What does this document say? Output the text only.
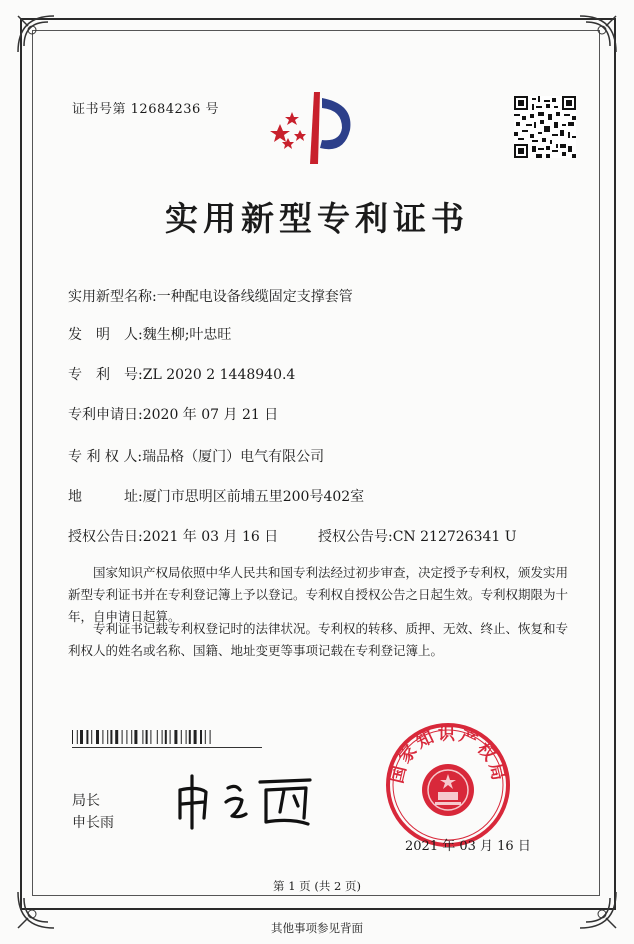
证书号第 12684236 号
实用新型专利证书
实用新型名称:一种配电设备线缆固定支撑套管
发　明　人:魏生柳;叶忠旺
专　利　号:ZL 2020 2 1448940.4
专利申请日:2020 年 07 月 21 日
专 利 权 人:瑞品格（厦门）电气有限公司
地　　　址:厦门市思明区前埔五里200号402室
授权公告日:2021 年 03 月 16 日	授权公告号:CN 212726341 U
国家知识产权局依照中华人民共和国专利法经过初步审查，决定授予专利权，颁发实用新型专利证书并在专利登记簿上予以登记。专利权自授权公告之日起生效。专利权期限为十年，自申请日起算。
专利证书记载专利权登记时的法律状况。专利权的转移、质押、无效、终止、恢复和专利权人的姓名或名称、国籍、地址变更等事项记载在专利登记簿上。
局长
申长雨
国家知识产权局
2021 年 03 月 16 日
第 1 页 (共 2 页)
其他事项参见背面
